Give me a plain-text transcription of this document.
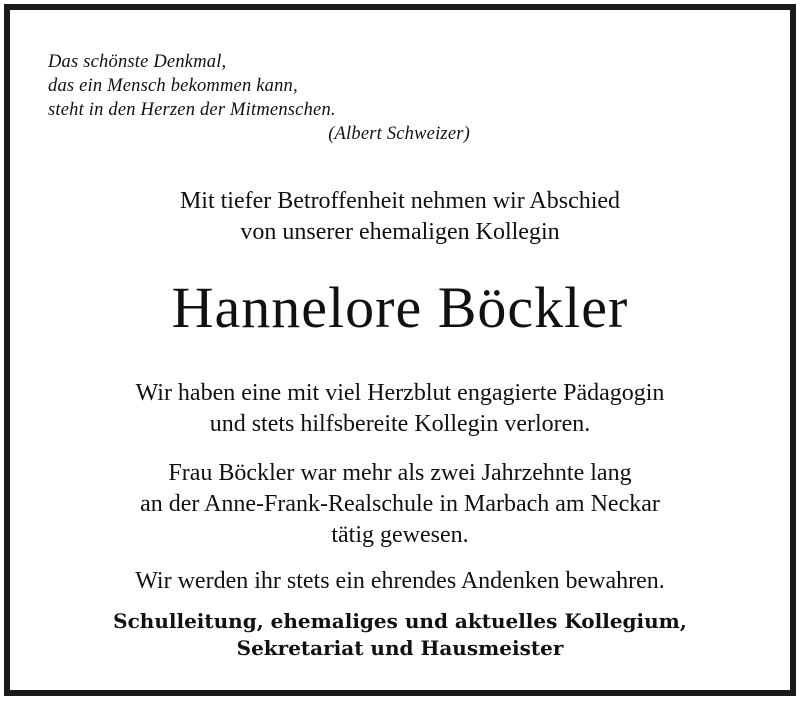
Das schönste Denkmal,
das ein Mensch bekommen kann,
steht in den Herzen der Mitmenschen.
(Albert Schweizer)
Mit tiefer Betroffenheit nehmen wir Abschied
von unserer ehemaligen Kollegin
Hannelore Böckler
Wir haben eine mit viel Herzblut engagierte Pädagogin
und stets hilfsbereite Kollegin verloren.
Frau Böckler war mehr als zwei Jahrzehnte lang
an der Anne-Frank-Realschule in Marbach am Neckar
tätig gewesen.
Wir werden ihr stets ein ehrendes Andenken bewahren.
Schulleitung, ehemaliges und aktuelles Kollegium,
Sekretariat und Hausmeister
